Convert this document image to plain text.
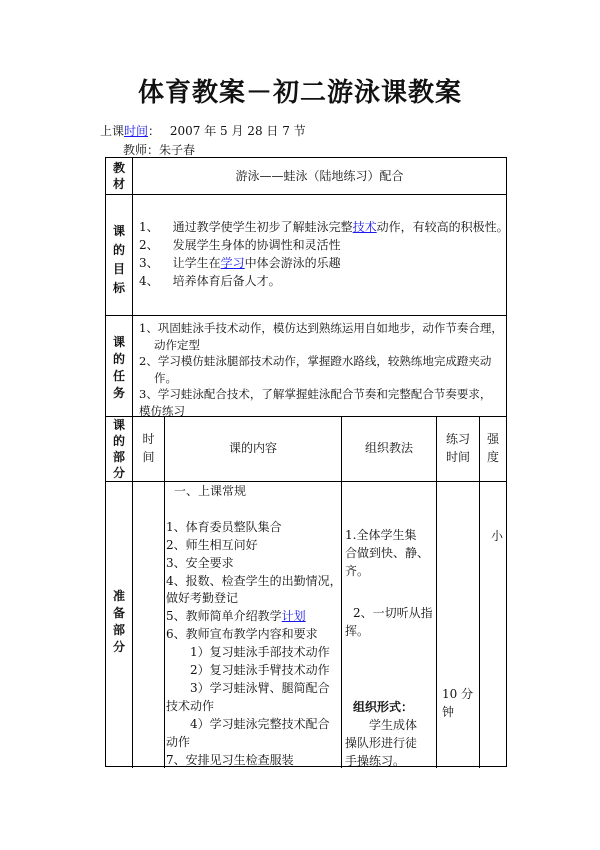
体育教案－初二游泳课教案
上课时间： 2007 年 5 月 28 日 7 节
教师：朱子春
教
材
游泳——蛙泳（陆地练习）配合
课
的
目
标
1、 通过教学使学生初步了解蛙泳完整技术动作，有较高的积极性。
2、 发展学生身体的协调性和灵活性
3、 让学生在学习中体会游泳的乐趣
4、 培养体育后备人才。
课
的
任
务
1、巩固蛙泳手技术动作，模仿达到熟练运用自如地步，动作节奏合理，
动作定型
2、学习模仿蛙泳腿部技术动作，掌握蹬水路线，较熟练地完成蹬夹动
作。
3、学习蛙泳配合技术，了解掌握蛙泳配合节奏和完整配合节奏要求，
模仿练习
课
的
部
分
时
间
课的内容	组织教法
练习
时间
强
度
准
备
部
分
一、上课常规
1、体育委员整队集合
2、师生相互问好
3、安全要求
4、报数、检查学生的出勤情况，
做好考勤登记
5、教师简单介绍教学计划
6、教师宣布教学内容和要求
1）复习蛙泳手部技术动作
2）复习蛙泳手臂技术动作
3）学习蛙泳臂、腿简配合
技术动作
4）学习蛙泳完整技术配合
动作
7、安排见习生检查服装
1.全体学生集
合做到快、静、
齐。
2、一切听从指
挥。
组织形式：
学生成体
操队形进行徒
手操练习。
10 分
钟
小
